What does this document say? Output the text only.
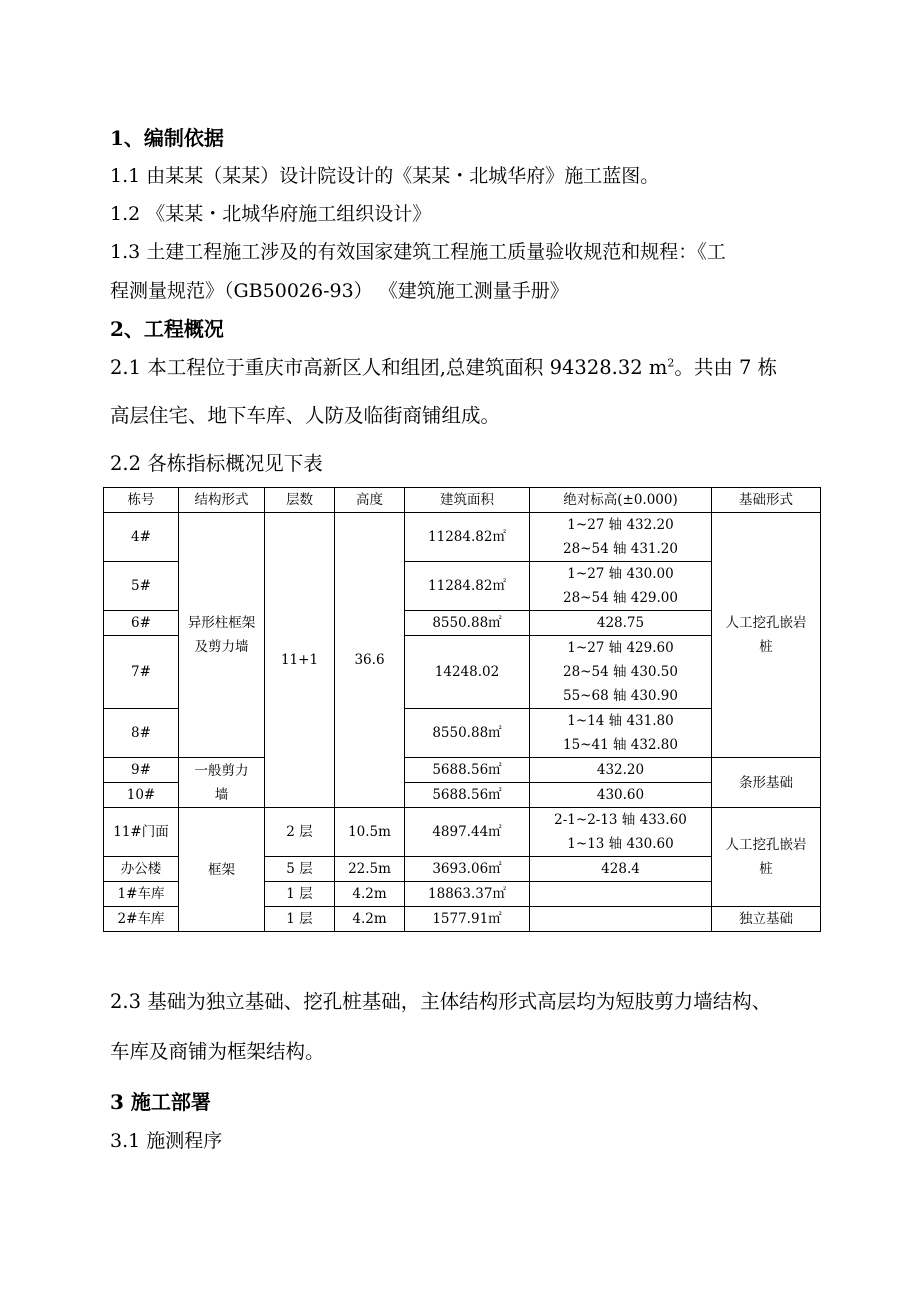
1、编制依据
1.1 由某某（某某）设计院设计的《某某・北城华府》施工蓝图。
1.2 《某某・北城华府施工组织设计》
1.3 土建工程施工涉及的有效国家建筑工程施工质量验收规范和规程：《工
程测量规范》（GB50026-93） 《建筑施工测量手册》
2、工程概况
2.1 本工程位于重庆市高新区人和组团,总建筑面积 94328.32 $m^2$。共由 7 栋
高层住宅、地下车库、人防及临街商铺组成。
2.2 各栋指标概况见下表
栋号	结构形式	层数	高度	建筑面积	绝对标高(±0.000)	基础形式
4#	异形柱框架及剪力墙	11+1	36.6	11284.82㎡	1~27 轴 432.20
28~54 轴 431.20	人工挖孔嵌岩桩
5#				11284.82㎡	1~27 轴 430.00
28~54 轴 429.00	

6#				8550.88㎡	428.75	
7#				14248.02	1~27 轴 429.60
28~54 轴 430.50
55~68 轴 430.90	

8#				8550.88㎡	1~14 轴 431.80
15~41 轴 432.80	

9#	一般剪力墙			5688.56㎡	432.20	条形基础
10#				5688.56㎡	430.60	
11#门面	框架	2 层	10.5m	4897.44㎡	2-1~2-13 轴 433.60
1~13 轴 430.60	人工挖孔嵌岩桩
办公楼		5 层	22.5m	3693.06㎡	428.4	
1#车库		1 层	4.2m	18863.37㎡		
2#车库		1 层	4.2m	1577.91㎡		独立基础
2.3 基础为独立基础、挖孔桩基础，主体结构形式高层均为短肢剪力墙结构、
车库及商铺为框架结构。
3 施工部署
3.1 施测程序
